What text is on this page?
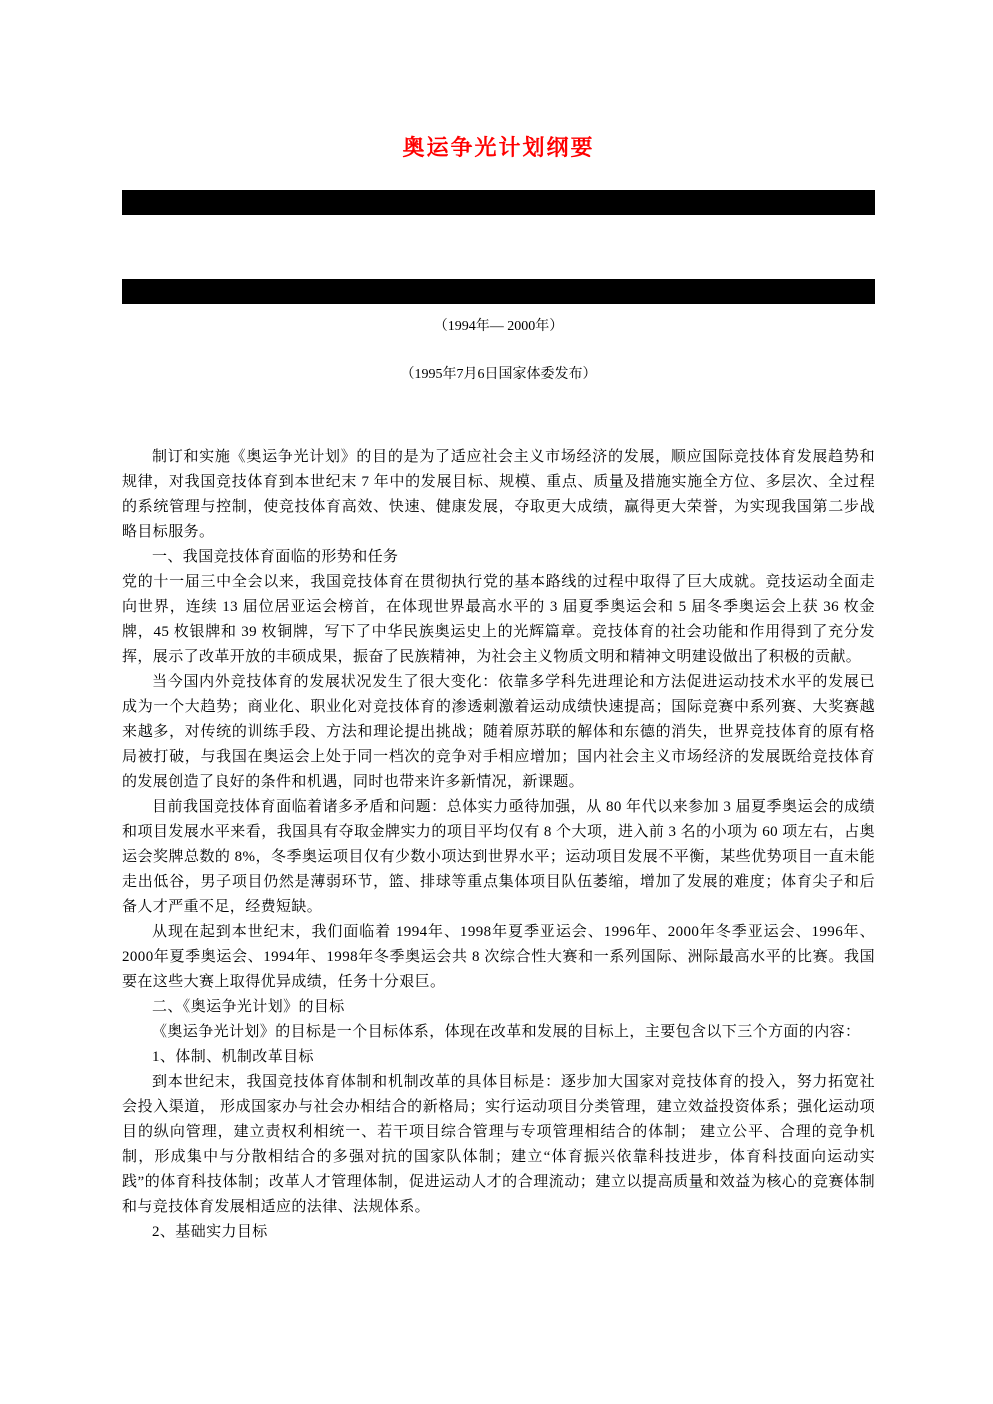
奥运争光计划纲要

（1994年— 2000年）

（1995年7月6日国家体委发布）

制订和实施《奥运争光计划》的目的是为了适应社会主义市场经济的发展，顺应国际竞技体育发展趋势和规律，对我国竞技体育到本世纪末 7 年中的发展目标、规模、重点、质量及措施实施全方位、多层次、全过程的系统管理与控制，使竞技体育高效、快速、健康发展，夺取更大成绩，赢得更大荣誉，为实现我国第二步战略目标服务。

一、我国竞技体育面临的形势和任务

党的十一届三中全会以来，我国竞技体育在贯彻执行党的基本路线的过程中取得了巨大成就。竞技运动全面走向世界，连续 13 届位居亚运会榜首，在体现世界最高水平的 3 届夏季奥运会和 5 届冬季奥运会上获 36 枚金牌，45 枚银牌和 39 枚铜牌，写下了中华民族奥运史上的光辉篇章。竞技体育的社会功能和作用得到了充分发挥，展示了改革开放的丰硕成果，振奋了民族精神，为社会主义物质文明和精神文明建设做出了积极的贡献。

当今国内外竞技体育的发展状况发生了很大变化：依靠多学科先进理论和方法促进运动技术水平的发展已成为一个大趋势；商业化、职业化对竞技体育的渗透刺激着运动成绩快速提高；国际竞赛中系列赛、大奖赛越来越多，对传统的训练手段、方法和理论提出挑战；随着原苏联的解体和东德的消失，世界竞技体育的原有格局被打破，与我国在奥运会上处于同一档次的竞争对手相应增加；国内社会主义市场经济的发展既给竞技体育的发展创造了良好的条件和机遇，同时也带来许多新情况，新课题。

目前我国竞技体育面临着诸多矛盾和问题：总体实力亟待加强，从 80 年代以来参加 3 届夏季奥运会的成绩和项目发展水平来看，我国具有夺取金牌实力的项目平均仅有 8 个大项，进入前 3 名的小项为 60 项左右，占奥运会奖牌总数的 8%，冬季奥运项目仅有少数小项达到世界水平；运动项目发展不平衡，某些优势项目一直未能走出低谷，男子项目仍然是薄弱环节，篮、排球等重点集体项目队伍萎缩，增加了发展的难度；体育尖子和后备人才严重不足，经费短缺。

从现在起到本世纪末，我们面临着 1994年、1998年夏季亚运会、1996年、2000年冬季亚运会、1996年、2000年夏季奥运会、1994年、1998年冬季奥运会共 8 次综合性大赛和一系列国际、洲际最高水平的比赛。我国要在这些大赛上取得优异成绩，任务十分艰巨。

二、《奥运争光计划》的目标

《奥运争光计划》的目标是一个目标体系，体现在改革和发展的目标上，主要包含以下三个方面的内容：

1、体制、机制改革目标

到本世纪末，我国竞技体育体制和机制改革的具体目标是：逐步加大国家对竞技体育的投入，努力拓宽社会投入渠道， 形成国家办与社会办相结合的新格局；实行运动项目分类管理，建立效益投资体系；强化运动项目的纵向管理，建立责权利相统一、若干项目综合管理与专项管理相结合的体制； 建立公平、合理的竞争机制，形成集中与分散相结合的多强对抗的国家队体制；建立“体育振兴依靠科技进步，体育科技面向运动实践”的体育科技体制；改革人才管理体制，促进运动人才的合理流动；建立以提高质量和效益为核心的竞赛体制和与竞技体育发展相适应的法律、法规体系。

2、基础实力目标
